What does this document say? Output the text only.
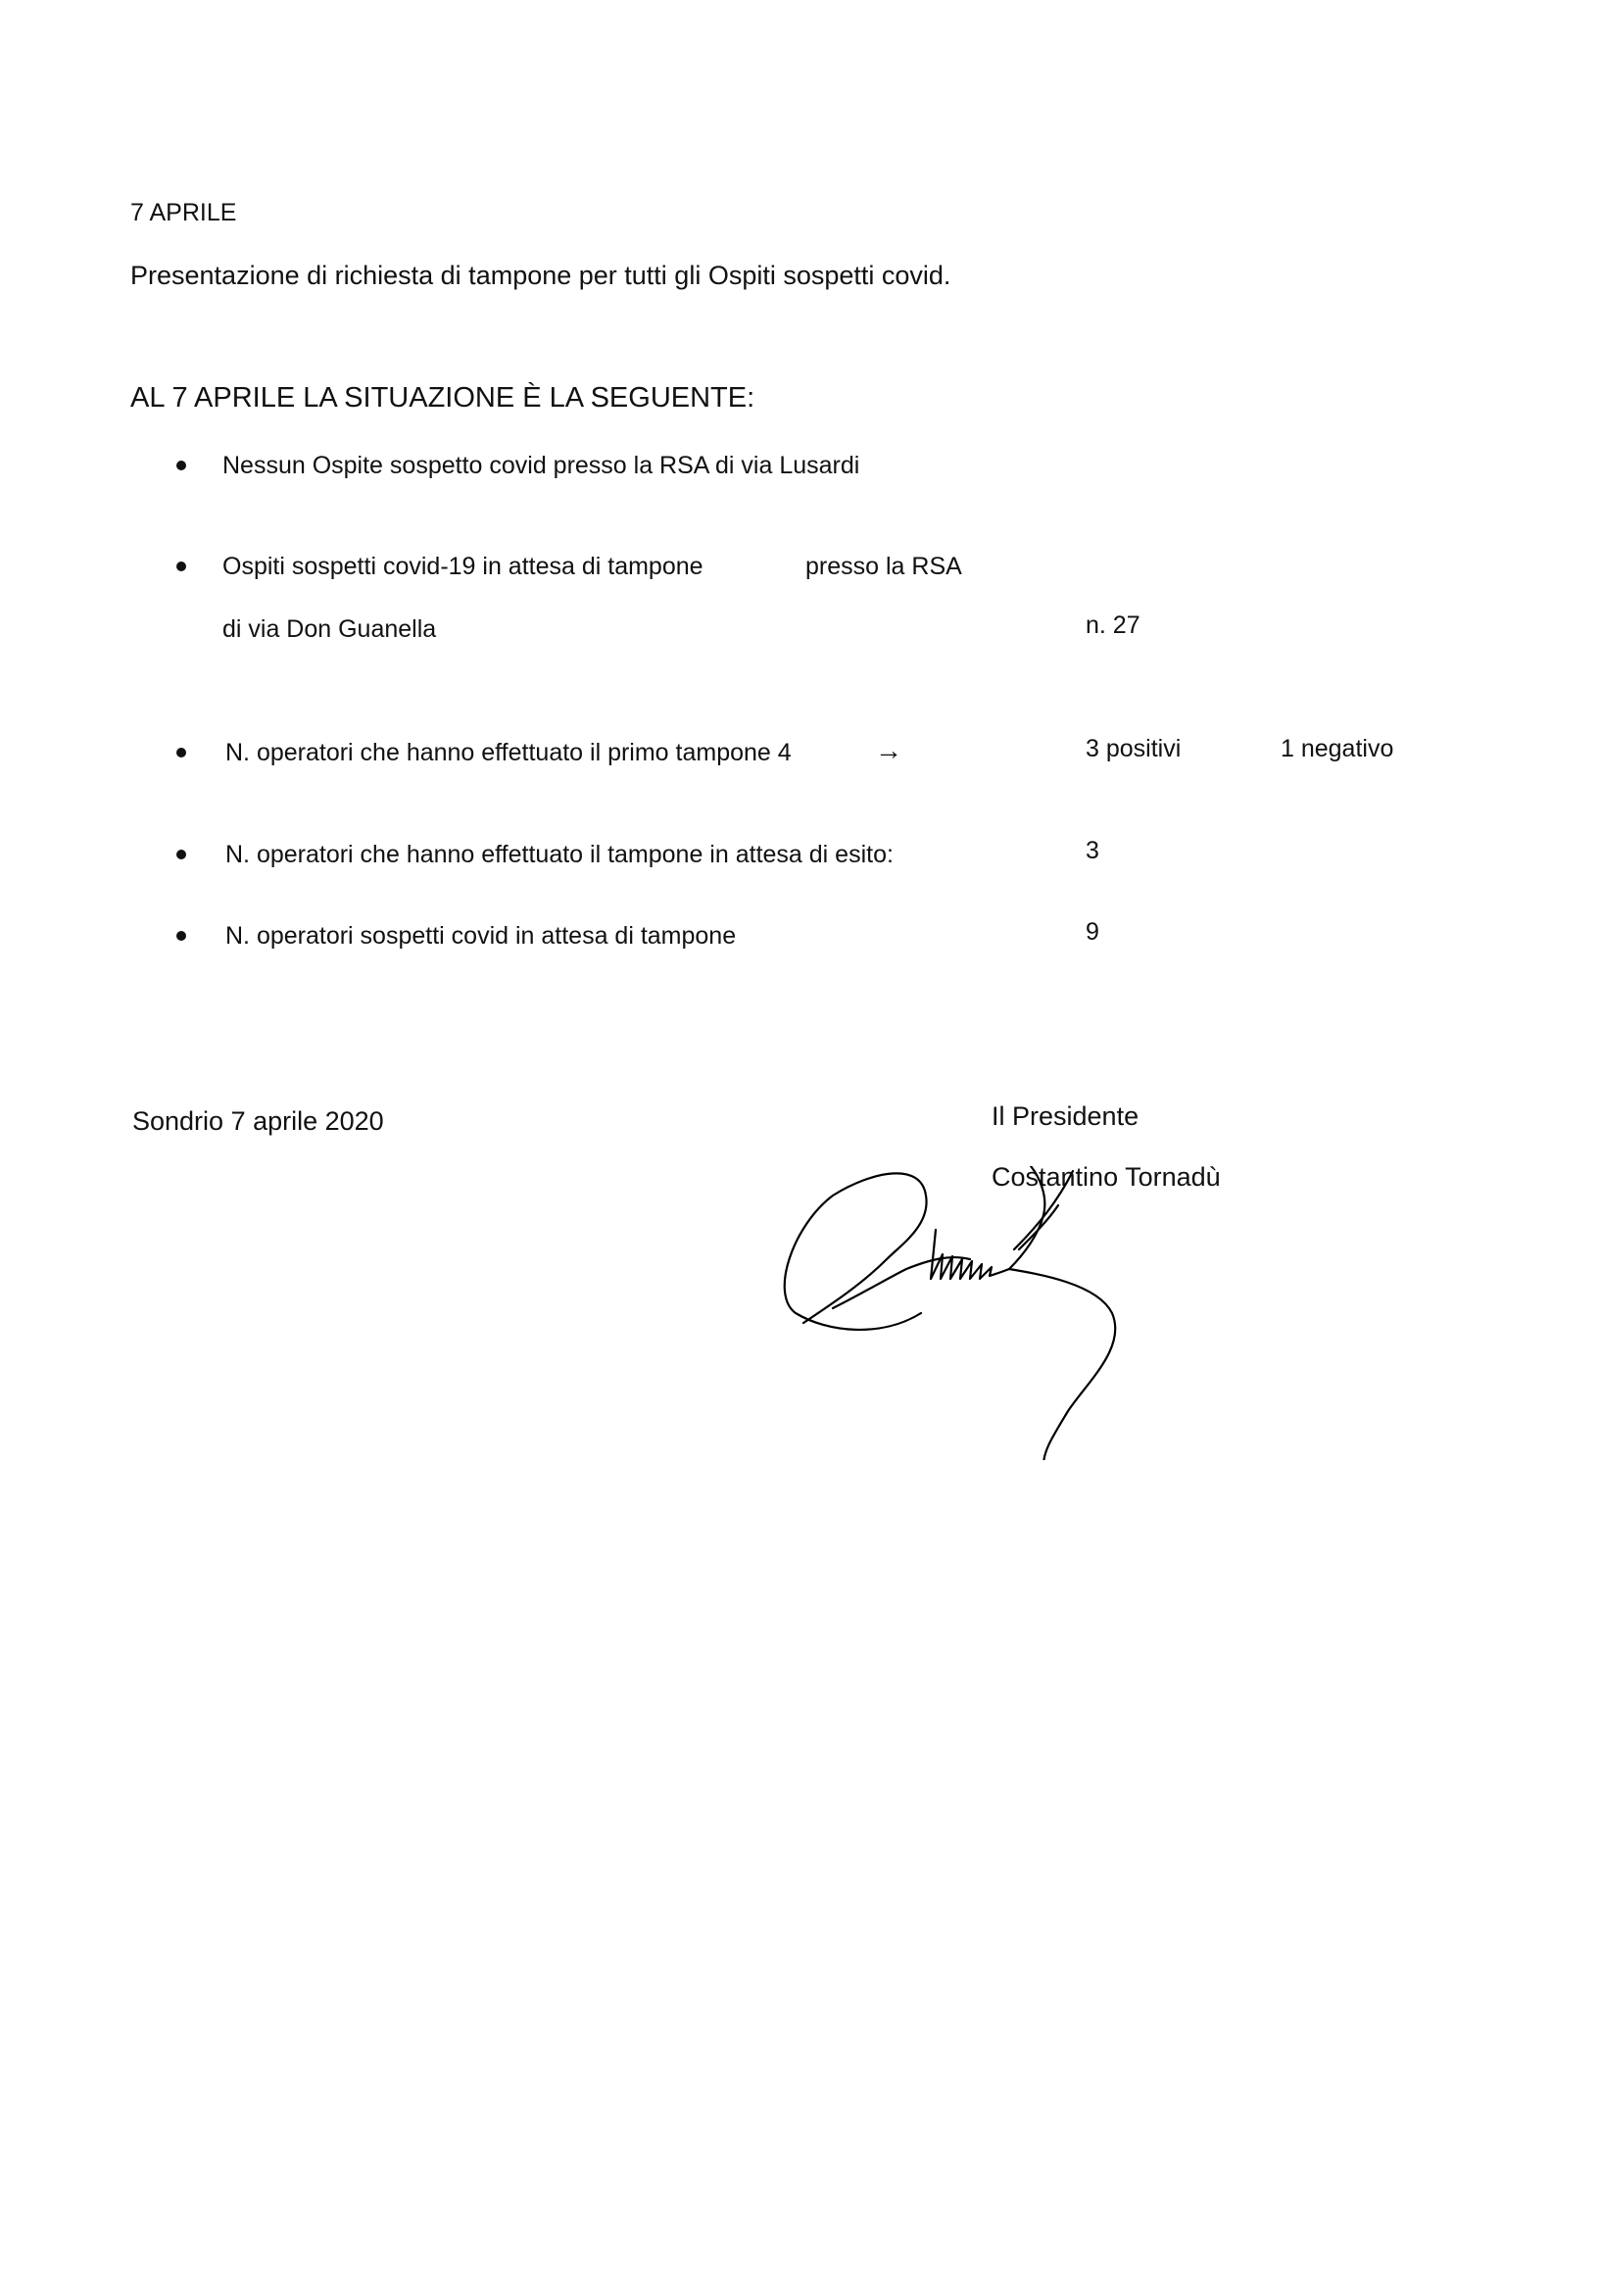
7 APRILE
Presentazione di richiesta di tampone per tutti gli Ospiti sospetti covid.
AL 7 APRILE LA SITUAZIONE È LA SEGUENTE:
Nessun Ospite sospetto covid presso la RSA di via Lusardi
Ospiti sospetti covid-19 in attesa di tampone	presso la RSA
di via Don Guanella	n. 27
N. operatori che hanno effettuato il primo tampone 4	→	3 positivi	1 negativo
N. operatori che hanno effettuato il tampone in attesa di esito:	3
N. operatori sospetti covid in attesa di tampone	9
Sondrio 7 aprile 2020	Il Presidente
Costantino Tornadù
